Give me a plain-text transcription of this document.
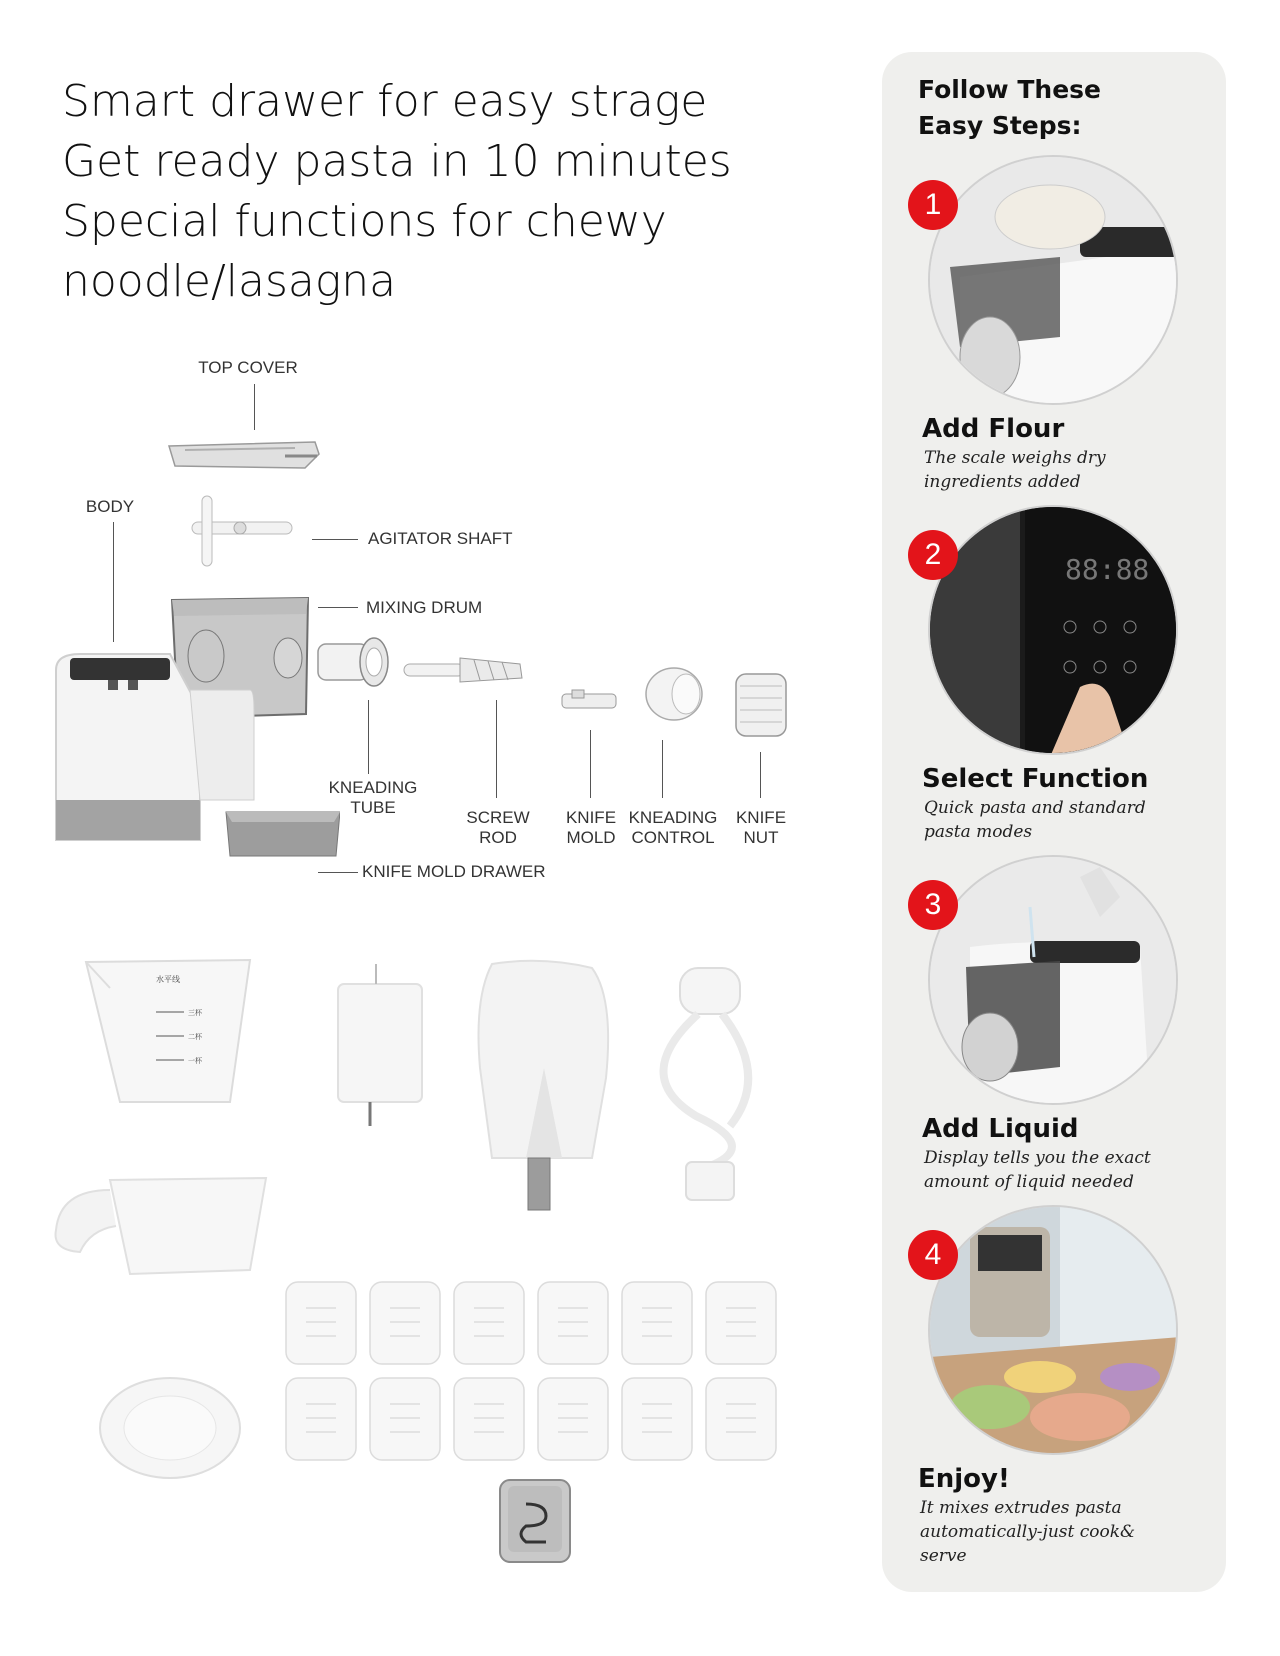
Smart drawer for easy strage
Get ready pasta in 10 minutes
Special functions for chewy
noodle/lasagna
TOP COVER
BODY
AGITATOR SHAFT
MIXING DRUM
KNEADING
TUBE
SCREW
ROD
KNIFE
MOLD
KNEADING
CONTROL
KNIFE
NUT
KNIFE MOLD DRAWER
水平线
三杯
二杯
一杯
Follow These
Easy Steps:
1
Add Flour
The scale weighs dry
ingredients added
88:88
2
Select Function
Quick pasta and standard
pasta modes
3
Add Liquid
Display tells you the exact
amount of liquid needed
4
Enjoy!
It mixes extrudes pasta
automatically-just cook& serve
